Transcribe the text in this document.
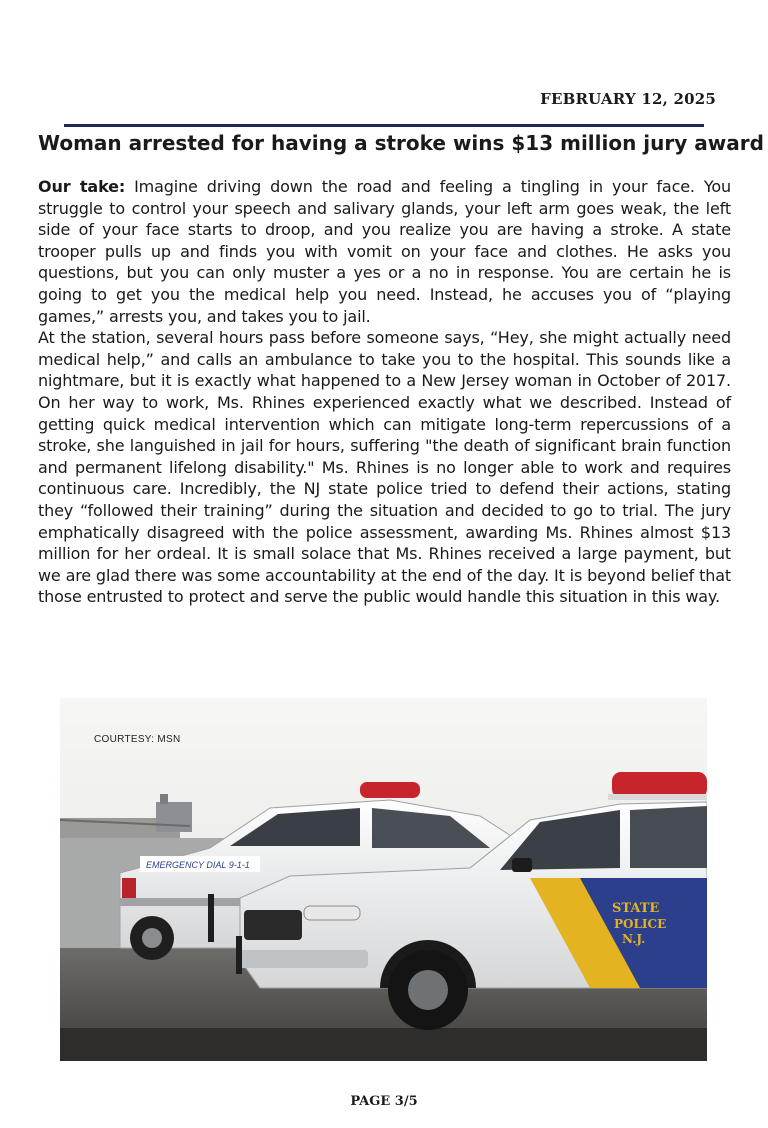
FEBRUARY 12, 2025
Woman arrested for having a stroke wins $13 million jury award

Our take: Imagine driving down the road and feeling a tingling in your face. You struggle to control your speech and salivary glands, your left arm goes weak, the left side of your face starts to droop, and you realize you are having a stroke. A state trooper pulls up and finds you with vomit on your face and clothes. He asks you questions, but you can only muster a yes or a no in response. You are certain he is going to get you the medical help you need. Instead, he accuses you of “playing games,” arrests you, and takes you to jail.

At the station, several hours pass before someone says, “Hey, she might actually need medical help,” and calls an ambulance to take you to the hospital. This sounds like a nightmare, but it is exactly what happened to a New Jersey woman in October of 2017. On her way to work, Ms. Rhines experienced exactly what we described. Instead of getting quick medical intervention which can mitigate long-term repercussions of a stroke, she languished in jail for hours, suffering "the death of significant brain function and permanent lifelong disability." Ms. Rhines is no longer able to work and requires continuous care. Incredibly, the NJ state police tried to defend their actions, stating they “followed their training” during the situation and decided to go to trial. The jury emphatically disagreed with the police assessment, awarding Ms. Rhines almost $13 million for her ordeal. It is small solace that Ms. Rhines received a large payment, but we are glad there was some accountability at the end of the day. It is beyond belief that those entrusted to protect and serve the public would handle this situation in this way.

EMERGENCY DIAL 9-1-1
STATE
POLICE
N.J.
COURTESY: MSN
PAGE 3/5
